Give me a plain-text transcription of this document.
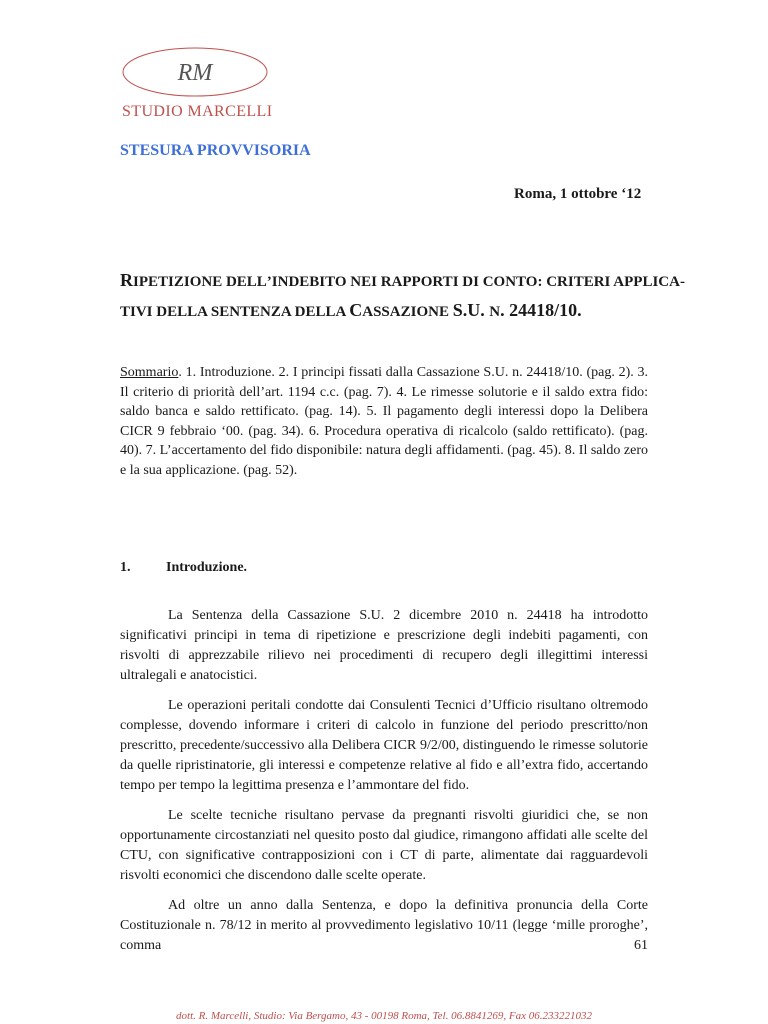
RM
STUDIO MARCELLI
STESURA PROVVISORIA
Roma, 1 ottobre ‘12
RIPETIZIONE DELL’INDEBITO NEI RAPPORTI DI CONTO: CRITERI APPLICA-
TIVI DELLA SENTENZA DELLA CASSAZIONE S.U. N. 24418/10.
Sommario. 1. Introduzione. 2. I principi fissati dalla Cassazione S.U. n. 24418/10. (pag. 2). 3. Il criterio di priorità dell’art. 1194 c.c. (pag. 7). 4. Le rimesse solutorie e il saldo extra fido: saldo banca e saldo rettificato. (pag. 14). 5. Il pagamento degli interessi dopo la Delibera CICR 9 febbraio ‘00. (pag. 34). 6. Procedura operativa di ricalcolo (saldo rettificato). (pag. 40). 7. L’accertamento del fido disponibile: natura degli affidamenti. (pag. 45). 8. Il saldo zero e la sua applicazione. (pag. 52).
1.	Introduzione.

La Sentenza della Cassazione S.U. 2 dicembre 2010 n. 24418 ha introdotto significativi principi in tema di ripetizione e prescrizione degli indebiti pagamenti, con risvolti di apprezzabile rilievo nei procedimenti di recupero degli illegittimi interessi ultralegali e anatocistici.

Le operazioni peritali condotte dai Consulenti Tecnici d’Ufficio risultano oltremodo complesse, dovendo informare i criteri di calcolo in funzione del periodo prescritto/non prescritto, precedente/successivo alla Delibera CICR 9/2/00, distinguendo le rimesse solutorie da quelle ripristinatorie, gli interessi e competenze relative al fido e all’extra fido, accertando tempo per tempo la legittima presenza e l’ammontare del fido.

Le scelte tecniche risultano pervase da pregnanti risvolti giuridici che, se non opportunamente circostanziati nel quesito posto dal giudice, rimangono affidati alle scelte del CTU, con significative contrapposizioni con i CT di parte, alimentate dai ragguardevoli risvolti economici che discendono dalle scelte operate.

Ad oltre un anno dalla Sentenza, e dopo la definitiva pronuncia della Corte Costituzionale n. 78/12 in merito al provvedimento legislativo 10/11 (legge ‘mille proroghe’, comma 61

dott. R. Marcelli, Studio: Via Bergamo, 43 - 00198 Roma, Tel. 06.8841269, Fax 06.233221032
